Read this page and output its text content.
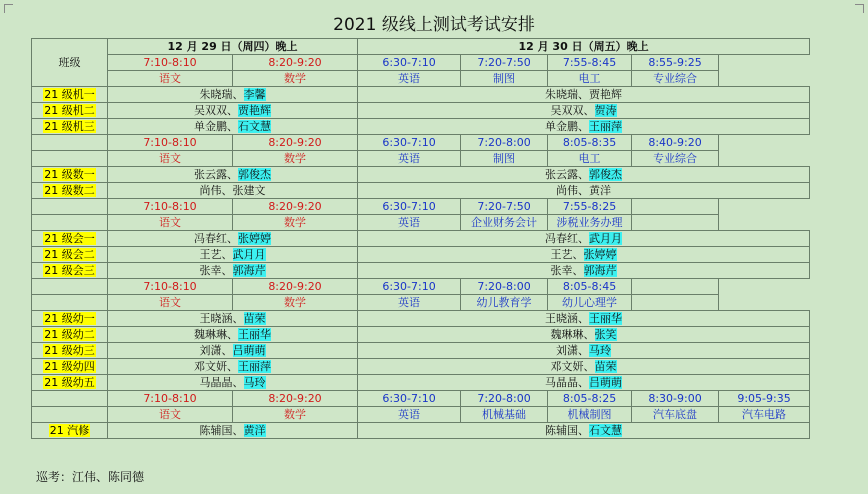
2021 级线上测试考试安排
班级	12 月 29 日（周四）晚上		12 月 30 日（周五）晚上				
	7:10-8:10	8:20-9:20	6:30-7:10	7:20-7:50	7:55-8:45	8:55-9:25	
	语文	数学	英语	制图	电工	专业综合	
21 级机一	朱晓瑞、李馨		朱晓瑞、贾艳辉				
21 级机二	吴双双、贾艳辉		吴双双、贺涛				
21 级机三	单金鹏、石文慧		单金鹏、王丽萍				
	7:10-8:10	8:20-9:20	6:30-7:10	7:20-8:00	8:05-8:35	8:40-9:20	
	语文	数学	英语	制图	电工	专业综合	
21 级数一	张云露、郭俊杰		张云露、郭俊杰				
21 级数二	尚伟、张建文		尚伟、黄洋				
	7:10-8:10	8:20-9:20	6:30-7:10	7:20-7:50	7:55-8:25		
	语文	数学	英语	企业财务会计	涉税业务办理		
21 级会一	冯春红、张婷婷		冯春红、武月月				
21 级会二	王艺、武月月		王艺、张婷婷				
21 级会三	张幸、郭海芹		张幸、郭海芹				
	7:10-8:10	8:20-9:20	6:30-7:10	7:20-8:00	8:05-8:45		
	语文	数学	英语	幼儿教育学	幼儿心理学		
21 级幼一	王晓涵、苗荣		王晓涵、王丽华				
21 级幼二	魏琳琳、王丽华		魏琳琳、张笑				
21 级幼三	刘潇、吕萌萌		刘潇、马玲				
21 级幼四	邓文妍、王丽萍		邓文妍、苗荣				
21 级幼五	马晶晶、马玲		马晶晶、吕萌萌				
	7:10-8:10	8:20-9:20	6:30-7:10	7:20-8:00	8:05-8:25	8:30-9:00	9:05-9:35
	语文	数学	英语	机械基础	机械制图	汽车底盘	汽车电路
21 汽修	陈辅国、黄洋		陈辅国、石文慧				
巡考：江伟、陈同德
